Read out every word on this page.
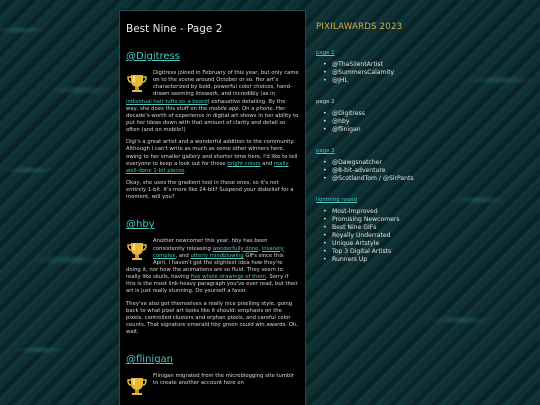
Best Nine - Page 2
@Digitress

Digitress joined in February of this year, but only came on to the scene around October or so. Her art's characterized by bold, powerful color choices, hand-drawn seeming linework, and incredibly (as in individual hair tufts on a beard) exhaustive detailing. By the way, she does this stuff on the mobile app. On a phone. Her decade's-worth of experience in digital art shows in her ability to put her ideas down with that amount of clarity and detail so often (and on mobile!)

Digi's a great artist and a wonderful addition to the community. Although I can't write as much as some other winners here, owing to her smaller gallery and shorter time here, I'd like to tell everyone to keep a look out for those bright colors and really well-done 1-bit pieces.

Okay, she uses the gradient tool in those ones, so it's not entirely 1-bit. It's more like 24-bit? Suspend your disbelief for a moment, will you?

@hby

Another newcomer this year, hby has been consistently releasing wonderfully done, insanely complex, and utterly mindblowing GIFs since this April. I haven't got the slightest idea how they're doing it, nor how the animations are so fluid. They seem to really like skulls, having five whole drawings of them. Sorry if this is the most link-heavy paragraph you've ever read, but their art is just really stunning. Do yourself a favor.

They've also got themselves a really nice pixelling style, going back to what pixel art looks like it should: emphasis on the pixels, controlled clusters and orphan pixels, and careful color counts. That signature emerald hby green could win awards. Oh, wait.

@flinigan

Flinigan migrated from the microblogging site tumblr to create another account here on

PIXILAWARDS 2023
page 1
• @ThaSilentArtist
• @SummersCalamity
• @JHL
page 2
• @Digitress
• @hby
• @flinigan
page 3
• @Dawgsnatcher
• @8-bit-adventure
• @ScotlandTom / @SirPants
lightning round
• Most-Improved
• Promising Newcomers
• Best Nine GIFs
• Royally Underrated
• Unique Artstyle
• Top 3 Digital Artists
• Runners Up
